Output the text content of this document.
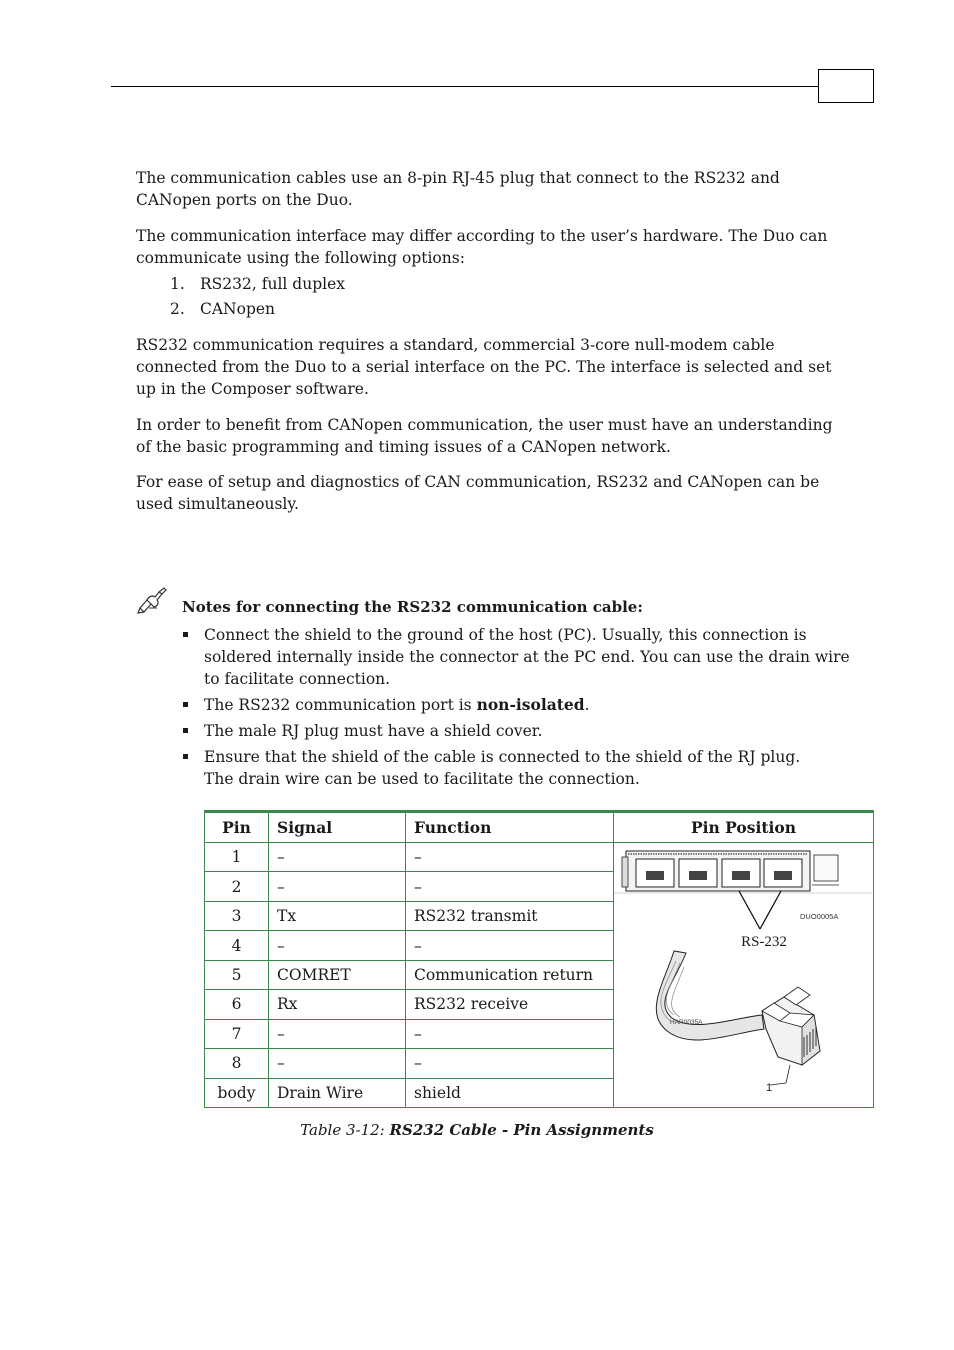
The communication cables use an 8-pin RJ-45 plug that connect to the RS232 and CANopen ports on the Duo.

The communication interface may differ according to the user’s hardware. The Duo can communicate using the following options:

1. RS232, full duplex
2. CANopen

RS232 communication requires a standard, commercial 3-core null-modem cable connected from the Duo to a serial interface on the PC. The interface is selected and set up in the Composer software.

In order to benefit from CANopen communication, the user must have an understanding of the basic programming and timing issues of a CANopen network.

For ease of setup and diagnostics of CAN communication, RS232 and CANopen can be used simultaneously.

Notes for connecting the RS232 communication cable:
Connect the shield to the ground of the host (PC). Usually, this connection is soldered internally inside the connector at the PC end. You can use the drain wire to facilitate connection.
The RS232 communication port is non-isolated.
The male RJ plug must have a shield cover.
Ensure that the shield of the cable is connected to the shield of the RJ plug.
The drain wire can be used to facilitate the connection.
Pin	Signal	Function	Pin Position
1	–	–	DUO0005A
RS-232
HAR0035A
1

2	–	–	
3	Tx	RS232 transmit	
4	–	–	
5	COMRET	Communication return	
6	Rx	RS232 receive	
7	–	–	
8	–	–	
body	Drain Wire	shield	
Table 3-12: RS232 Cable - Pin Assignments
